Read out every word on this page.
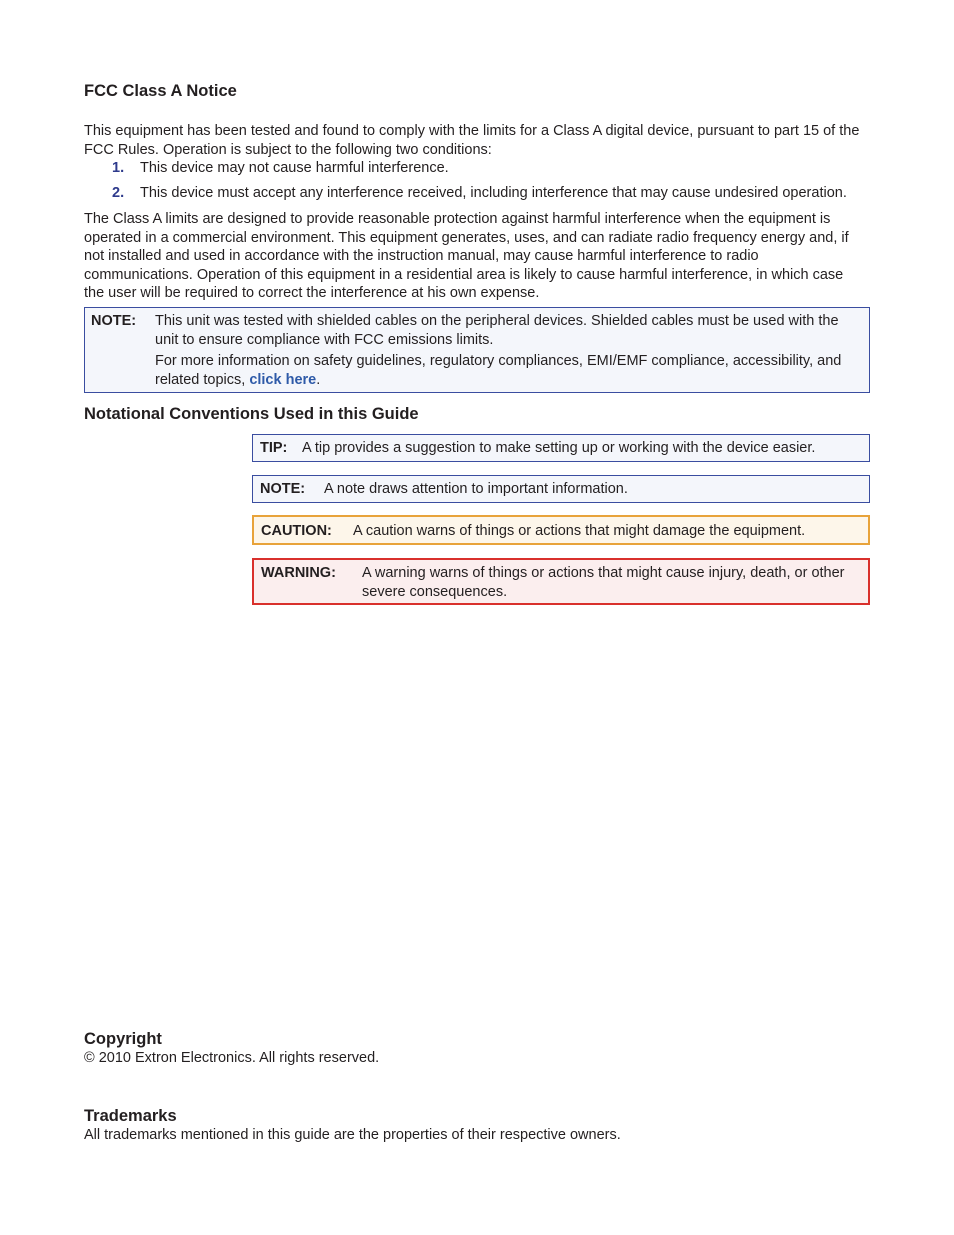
FCC Class A Notice

This equipment has been tested and found to comply with the limits for a Class A digital device, pursuant to part 15 of the FCC Rules. Operation is subject to the following two conditions:

1. This device may not cause harmful interference.
2. This device must accept any interference received, including interference that may cause undesired operation.

The Class A limits are designed to provide reasonable protection against harmful interference when the equipment is operated in a commercial environment. This equipment generates, uses, and can radiate radio frequency energy and, if not installed and used in accordance with the instruction manual, may cause harmful interference to radio communications. Operation of this equipment in a residential area is likely to cause harmful interference, in which case the user will be required to correct the interference at his own expense.

NOTE: This unit was tested with shielded cables on the peripheral devices. Shielded cables must be used with the unit to ensure compliance with FCC emissions limits.

For more information on safety guidelines, regulatory compliances, EMI/EMF compliance, accessibility, and related topics, click here.

Notational Conventions Used in this Guide
TIP: A tip provides a suggestion to make setting up or working with the device easier.
NOTE: A note draws attention to important information.
CAUTION: A caution warns of things or actions that might damage the equipment.
WARNING: A warning warns of things or actions that might cause injury, death, or other severe consequences.
Copyright

© 2010 Extron Electronics. All rights reserved.

Trademarks

All trademarks mentioned in this guide are the properties of their respective owners.
